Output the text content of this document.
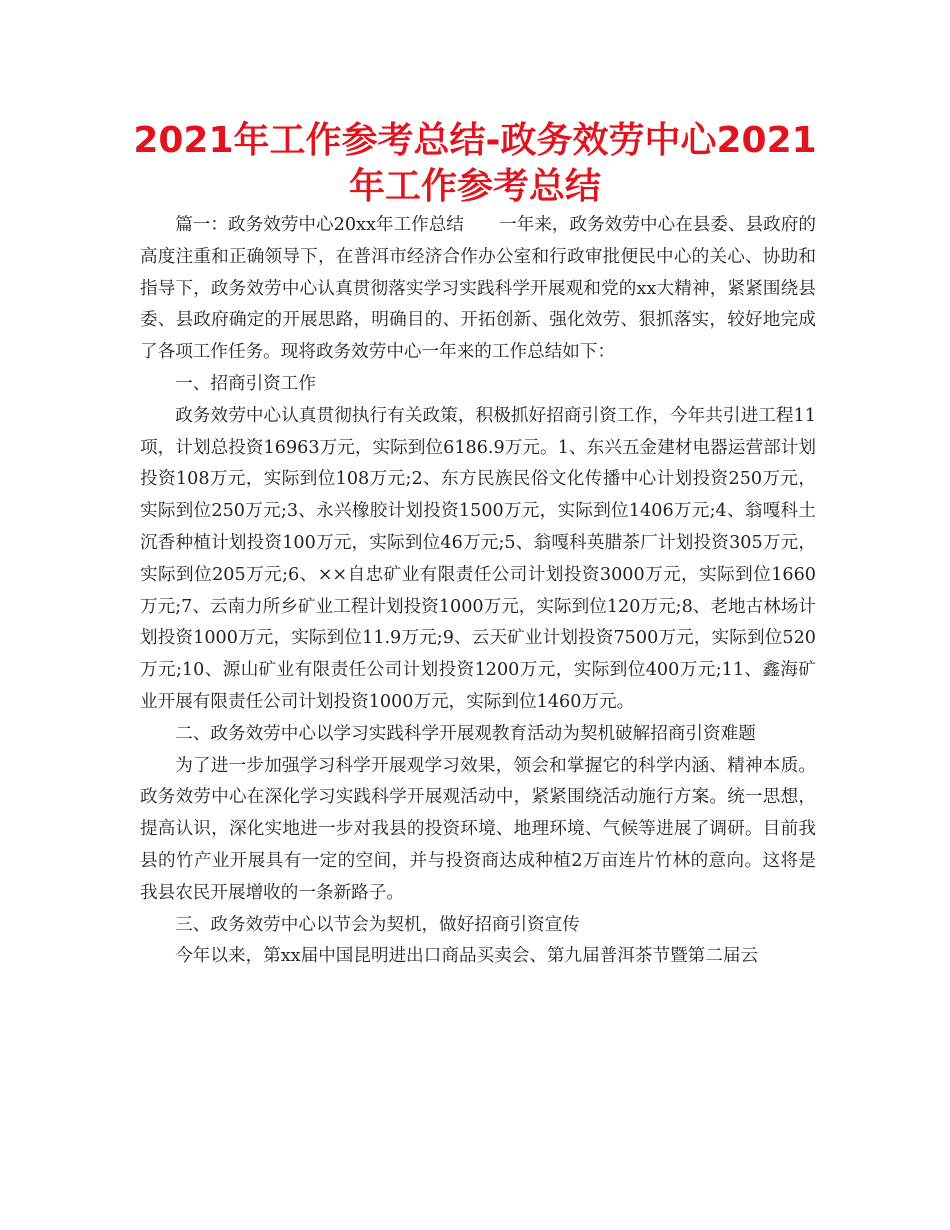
2021年工作参考总结-政务效劳中心2021年工作参考总结

篇一：政务效劳中心20xx年工作总结　　一年来，政务效劳中心在县委、县政府的高度注重和正确领导下，在普洱市经济合作办公室和行政审批便民中心的关心、协助和指导下，政务效劳中心认真贯彻落实学习实践科学开展观和党的xx大精神，紧紧围绕县委、县政府确定的开展思路，明确目的、开拓创新、强化效劳、狠抓落实，较好地完成了各项工作任务。现将政务效劳中心一年来的工作总结如下：

一、招商引资工作

政务效劳中心认真贯彻执行有关政策，积极抓好招商引资工作，今年共引进工程11项，计划总投资16963万元，实际到位6186.9万元。1、东兴五金建材电器运营部计划投资108万元，实际到位108万元;2、东方民族民俗文化传播中心计划投资250万元，实际到位250万元;3、永兴橡胶计划投资1500万元，实际到位1406万元;4、翁嘎科土沉香种植计划投资100万元，实际到位46万元;5、翁嘎科英腊茶厂计划投资305万元，实际到位205万元;6、××自忠矿业有限责任公司计划投资3000万元，实际到位1660万元;7、云南力所乡矿业工程计划投资1000万元，实际到位120万元;8、老地古林场计划投资1000万元，实际到位11.9万元;9、云天矿业计划投资7500万元，实际到位520万元;10、源山矿业有限责任公司计划投资1200万元，实际到位400万元;11、鑫海矿业开展有限责任公司计划投资1000万元，实际到位1460万元。

二、政务效劳中心以学习实践科学开展观教育活动为契机破解招商引资难题

为了进一步加强学习科学开展观学习效果，领会和掌握它的科学内涵、精神本质。政务效劳中心在深化学习实践科学开展观活动中，紧紧围绕活动施行方案。统一思想，提高认识，深化实地进一步对我县的投资环境、地理环境、气候等进展了调研。目前我县的竹产业开展具有一定的空间，并与投资商达成种植2万亩连片竹林的意向。这将是我县农民开展增收的一条新路子。

三、政务效劳中心以节会为契机，做好招商引资宣传

今年以来，第xx届中国昆明进出口商品买卖会、第九届普洱茶节暨第二届云
